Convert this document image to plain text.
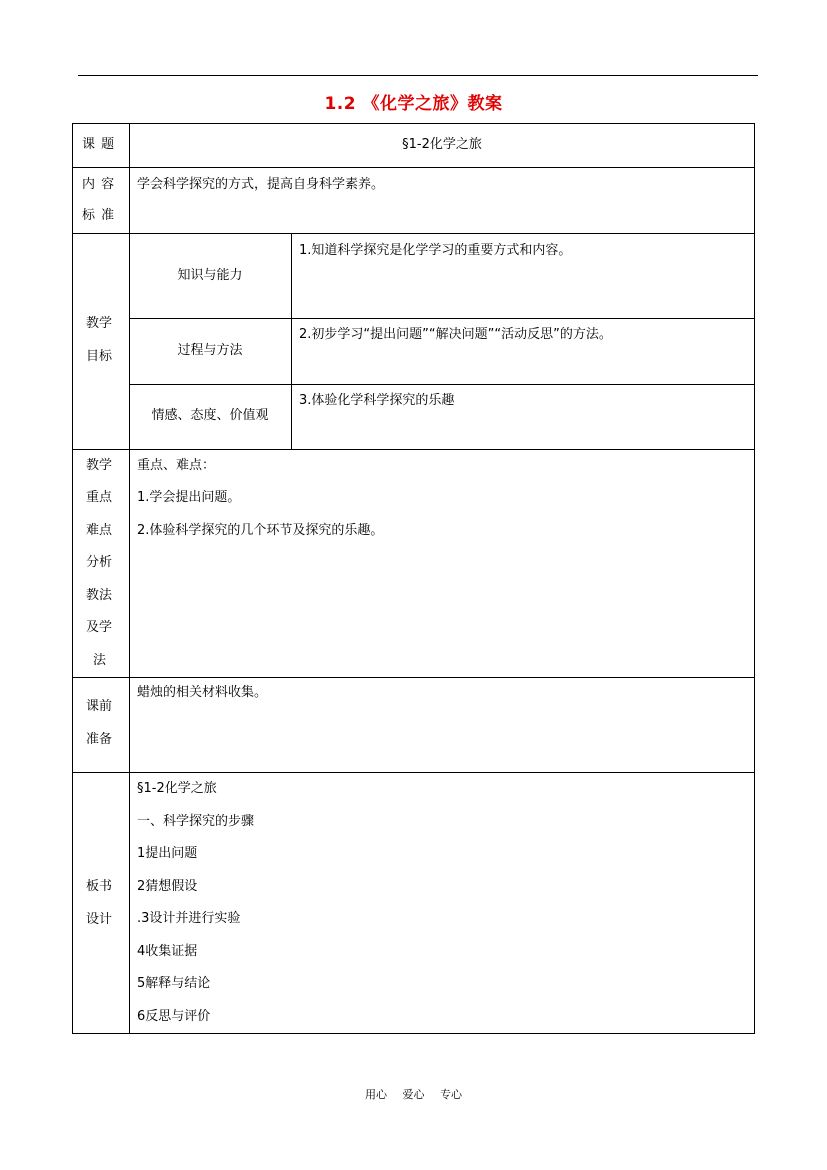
1.2 《化学之旅》教案
课 题	§1-2化学之旅
内 容
标 准
学会科学探究的方式，提高自身科学素养。
教学
目标
知识与能力
1.知道科学探究是化学学习的重要方式和内容。
过程与方法
2.初步学习“提出问题”“解决问题”“活动反思”的方法。
情感、态度、价值观
3.体验化学科学探究的乐趣
教学
重点
难点
分析
教法
及学
法
重点、难点：
1.学会提出问题。
2.体验科学探究的几个环节及探究的乐趣。
课前
准备
蜡烛的相关材料收集。
板书
设计
§1-2化学之旅
一、科学探究的步骤
1提出问题
2猜想假设
.3设计并进行实验
4收集证据
5解释与结论
6反思与评价
用心 爱心 专心
